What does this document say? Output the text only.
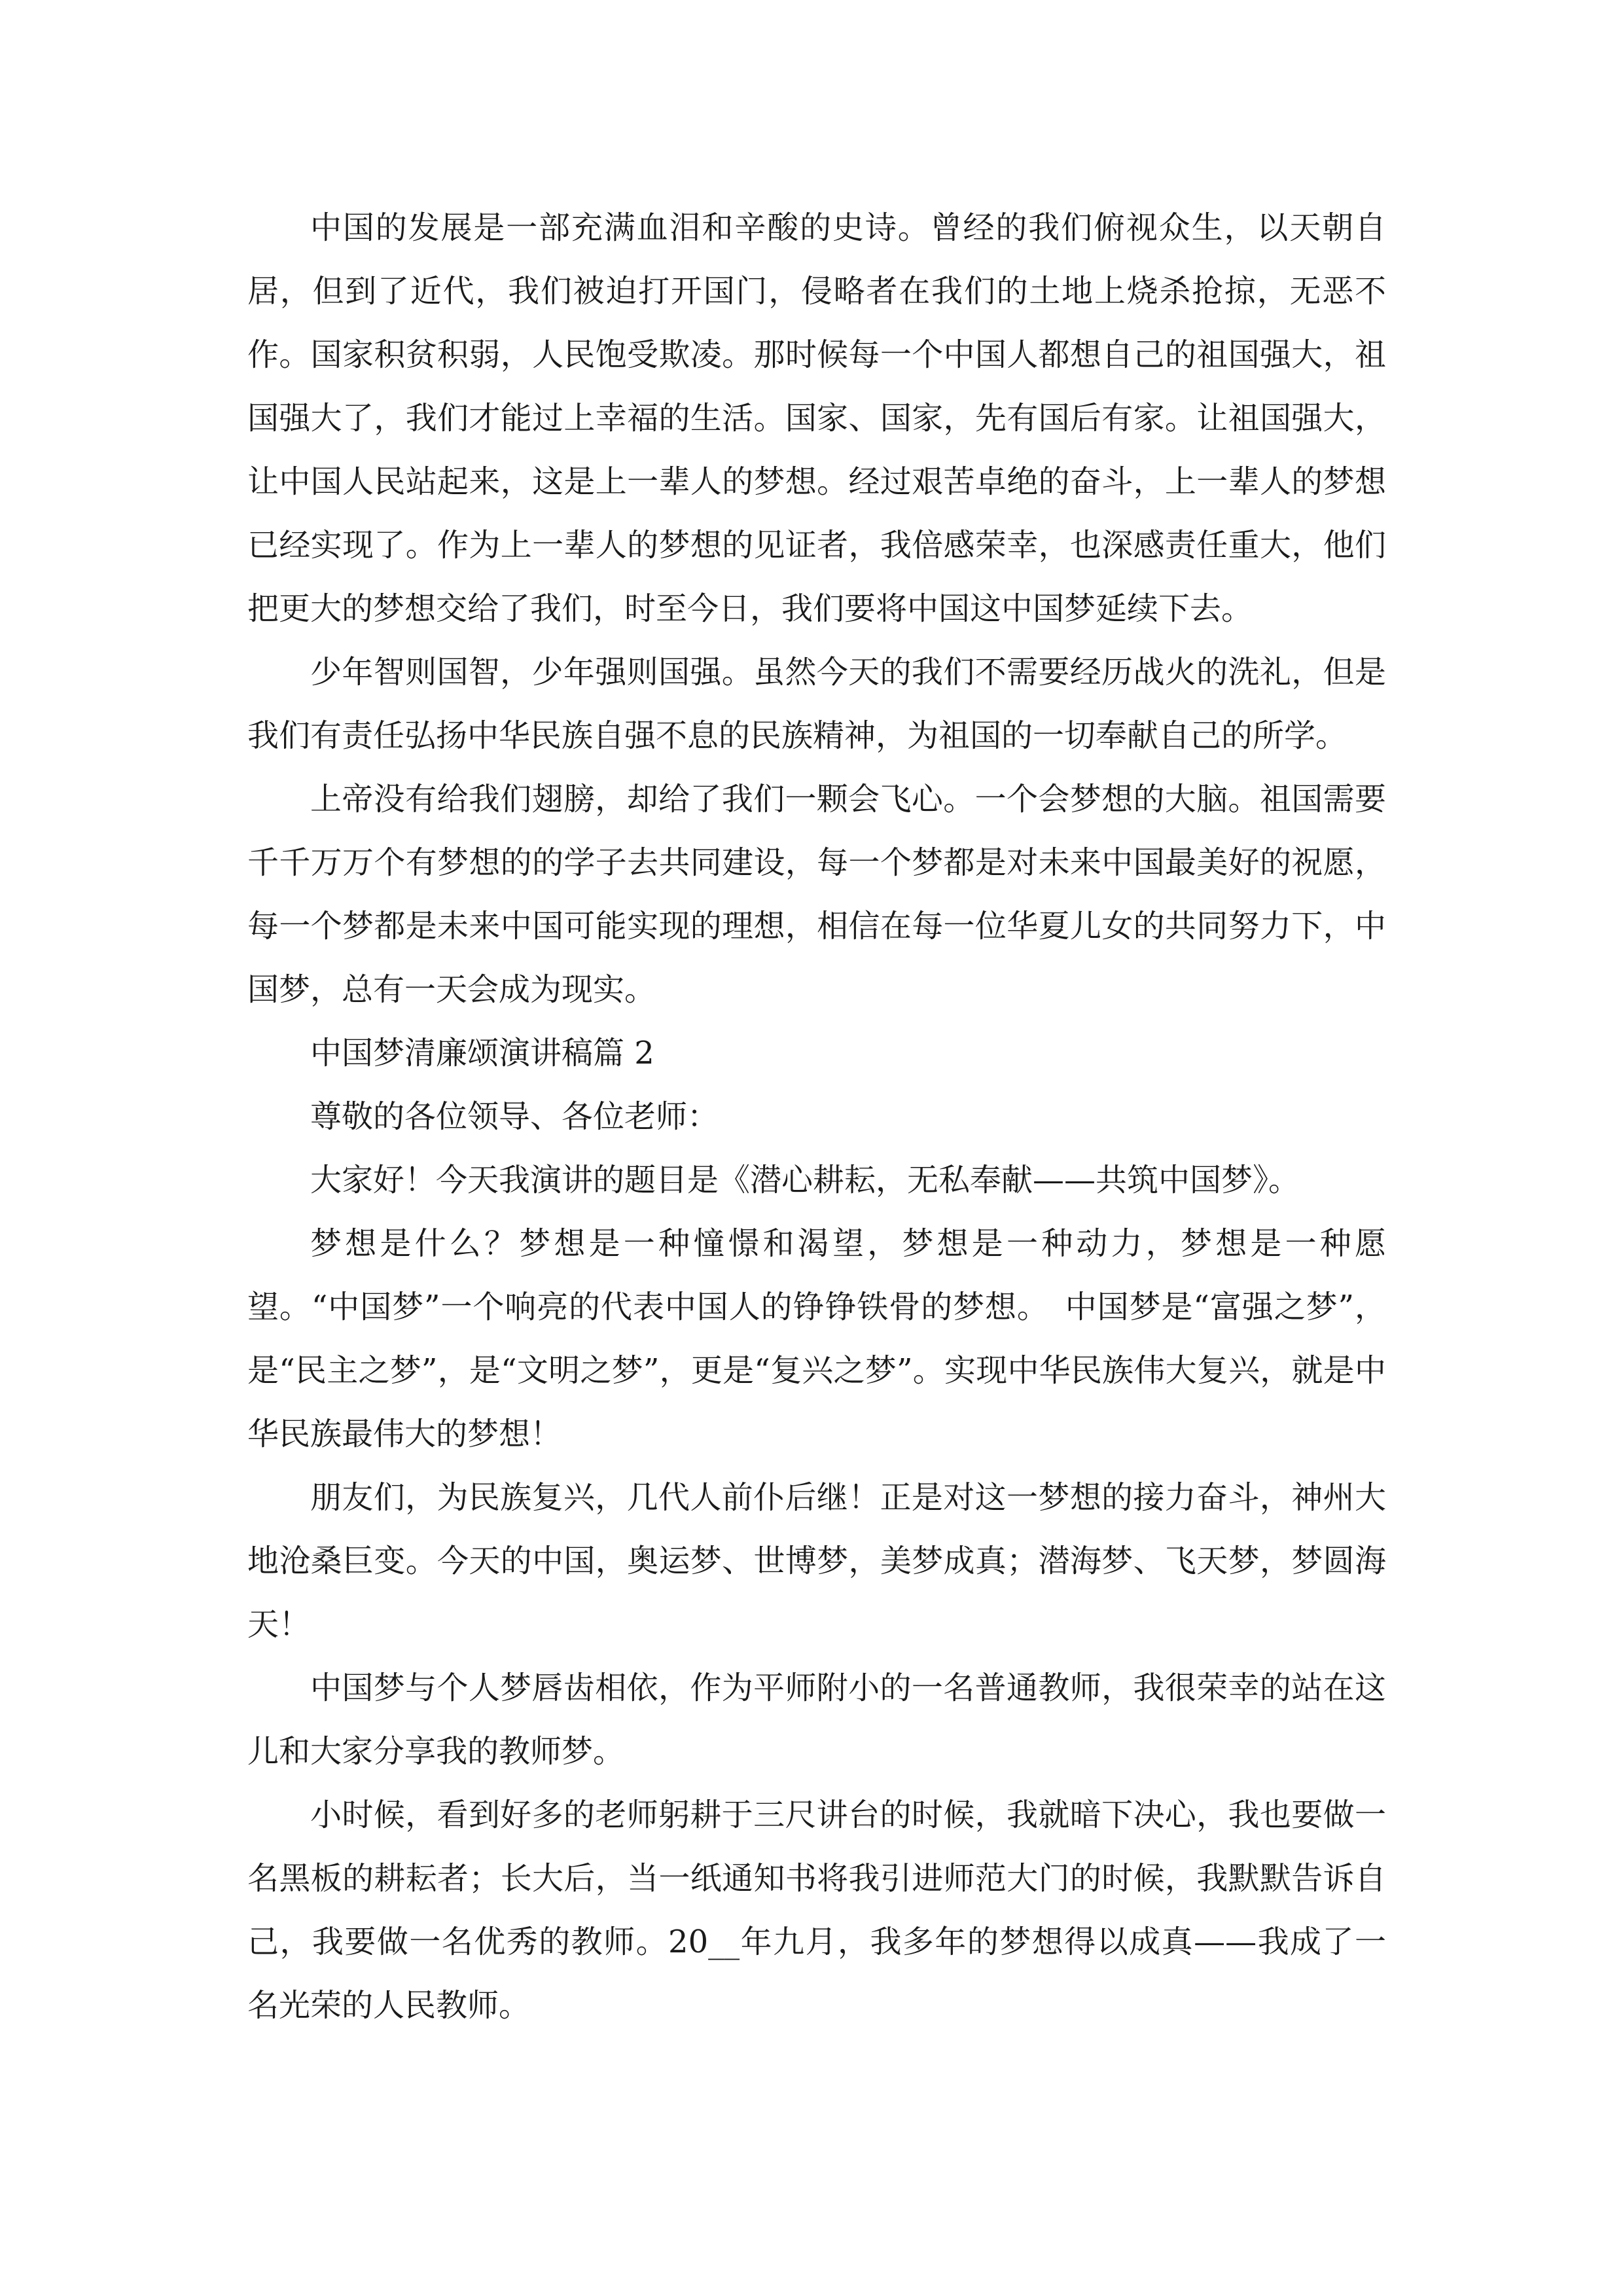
中国的发展是一部充满血泪和辛酸的史诗。曾经的我们俯视众生，以天朝自居，但到了近代，我们被迫打开国门，侵略者在我们的土地上烧杀抢掠，无恶不作。国家积贫积弱，人民饱受欺凌。那时候每一个中国人都想自己的祖国强大，祖国强大了，我们才能过上幸福的生活。国家、国家，先有国后有家。让祖国强大，让中国人民站起来，这是上一辈人的梦想。经过艰苦卓绝的奋斗，上一辈人的梦想已经实现了。作为上一辈人的梦想的见证者，我倍感荣幸，也深感责任重大，他们把更大的梦想交给了我们，时至今日，我们要将中国这中国梦延续下去。

少年智则国智，少年强则国强。虽然今天的我们不需要经历战火的洗礼，但是我们有责任弘扬中华民族自强不息的民族精神，为祖国的一切奉献自己的所学。

上帝没有给我们翅膀，却给了我们一颗会飞心。一个会梦想的大脑。祖国需要千千万万个有梦想的的学子去共同建设，每一个梦都是对未来中国最美好的祝愿，每一个梦都是未来中国可能实现的理想，相信在每一位华夏儿女的共同努力下，中国梦，总有一天会成为现实。

中国梦清廉颂演讲稿篇 2

尊敬的各位领导、各位老师：

大家好！今天我演讲的题目是《潜心耕耘，无私奉献——共筑中国梦》。

梦想是什么？梦想是一种憧憬和渴望，梦想是一种动力，梦想是一种愿望。“中国梦”一个响亮的代表中国人的铮铮铁骨的梦想。　中国梦是“富强之梦”，是“民主之梦”，是“文明之梦”，更是“复兴之梦”。实现中华民族伟大复兴，就是中华民族最伟大的梦想！

朋友们，为民族复兴，几代人前仆后继！正是对这一梦想的接力奋斗，神州大地沧桑巨变。今天的中国，奥运梦、世博梦，美梦成真；潜海梦、飞天梦，梦圆海天！

中国梦与个人梦唇齿相依，作为平师附小的一名普通教师，我很荣幸的站在这儿和大家分享我的教师梦。

小时候，看到好多的老师躬耕于三尺讲台的时候，我就暗下决心，我也要做一名黑板的耕耘者；长大后，当一纸通知书将我引进师范大门的时候，我默默告诉自己，我要做一名优秀的教师。20__年九月，我多年的梦想得以成真——我成了一名光荣的人民教师。
